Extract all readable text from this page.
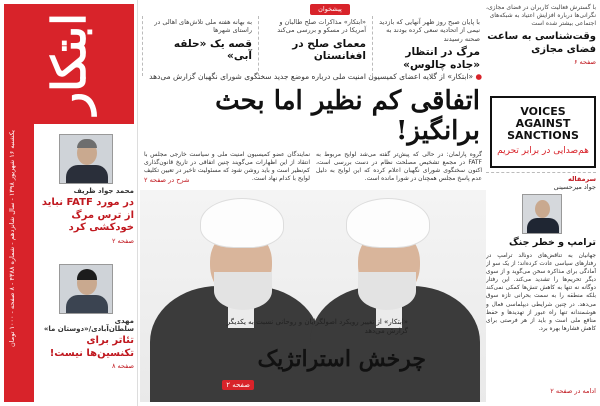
ابتکار
یکشنبه ۱۶ شهریور ۱۳۹۸ - سال شانزدهم - شماره ۴۳۸۸ - ۸ صفحه - ۱۰۰۰ تومان
محمد جواد ظریف
در مورد FATF نباید از ترس مرگ خودکشی کرد
صفحه ۲
مهدی سلطان‌آبادی/«دوستان ما»
تئاتر برای تکنسین‌ها نیست!
صفحه ۸
پیشخوان
با پایان صبح روز ظهر آنهایی که بازدید نیمی از اتحادیه سعی کرده بودند به صحنه رسیدند
مرگ در انتظار «جاده چالوس»
«ابتکار» مذاکرات صلح طالبان و آمریکا در مسکو و بررسی می‌کند
معمای صلح در افغانستان
به بهانه هفته ملی تلاش‌های اهالی در راستای شهرها
قصه یک «حلقه آبی»
با گسترش فعالیت کاربران در فضای مجازی، نگرانی‌ها درباره افزایش اعتیاد به شبکه‌های اجتماعی بیشتر شده است
وقت‌شناسی به ساعت فضای مجازی
صفحه ۶
● «ابتکار» از گلایه اعضای کمیسیون امنیت ملی درباره موضع جدید سخنگوی شورای نگهبان گزارش می‌دهد
اتفاقی کم نظیر اما بحث برانگیز!
گروه پارلمان: در حالی که پیش‌تر گفته می‌شد لوایح مربوط به FATF در مجمع تشخیص مصلحت نظام در دست بررسی است، اکنون سخنگوی شورای نگهبان اعلام کرده که این لوایح به دلیل عدم پاسخ مجلس همچنان در شورا مانده است.
نمایندگان عضو کمیسیون امنیت ملی و سیاست خارجی مجلس با انتقاد از این اظهارات می‌گویند چنین اتفاقی در تاریخ قانون‌گذاری کم‌نظیر است و باید روشن شود که مسئولیت تاخیر در تعیین تکلیف لوایح با کدام نهاد است.
شرح در صفحه ۲
VOICES AGAINST SANCTIONS
هم‌صدایی در برابر تحریم
سرمقاله
جواد میرحسینی
ترامپ و خطر جنگ
جهانیان به تناقض‌های دونالد ترامپ در رفتارهای سیاسی عادت کرده‌اند؛ از یک سو از آمادگی برای مذاکره سخن می‌گوید و از سوی دیگر تحریم‌ها را تشدید می‌کند. این رفتار دوگانه نه تنها به کاهش تنش‌ها کمکی نمی‌کند بلکه منطقه را به سمت بحرانی تازه سوق می‌دهد. در چنین شرایطی دیپلماسی فعال و هوشمندانه تنها راه عبور از تهدیدها و حفظ منافع ملی است و باید از هر فرصتی برای کاهش فشارها بهره برد.
ادامه در صفحه ۲
«ابتکار» از تغییر رویکرد اصولگرایان و روحانی نسبت به یکدیگر گزارش می‌دهد
چرخش استراتژیک
صفحه ۲
